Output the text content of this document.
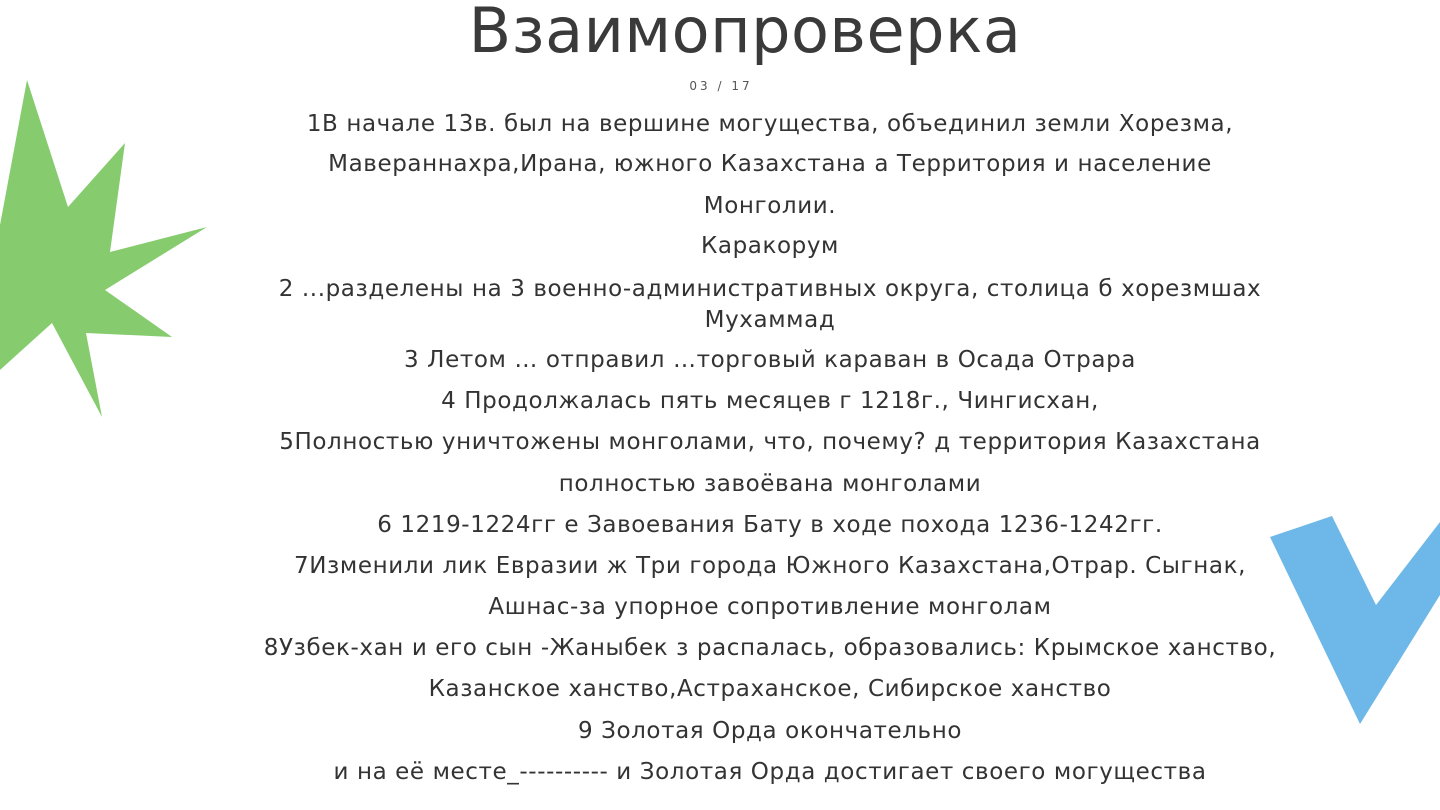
Взаимопроверка
03 / 17
1В начале 13в. был на вершине могущества, объединил земли Хорезма,
Мавераннахра,Ирана, южного Казахстана а Территория и население
Монголии.
Каракорум
2 ...разделены на 3 военно-административных округа, столица б хорезмшах
Мухаммад
3 Летом … отправил …торговый караван в Осада Отрара
4 Продолжалась пять месяцев г 1218г., Чингисхан,
5Полностью уничтожены монголами, что, почему? д территория Казахстана
полностью завоёвана монголами
6 1219-1224гг е Завоевания Бату в ходе похода 1236-1242гг.
7Изменили лик Евразии ж Три города Южного Казахстана,Отрар. Сыгнак,
Ашнас-за упорное сопротивление монголам
8Узбек-хан и его сын -Жаныбек з распалась, образовались: Крымское ханство,
Казанское ханство,Астраханское, Сибирское ханство
9 Золотая Орда окончательно
и на её месте_---------- и Золотая Орда достигает своего могущества
